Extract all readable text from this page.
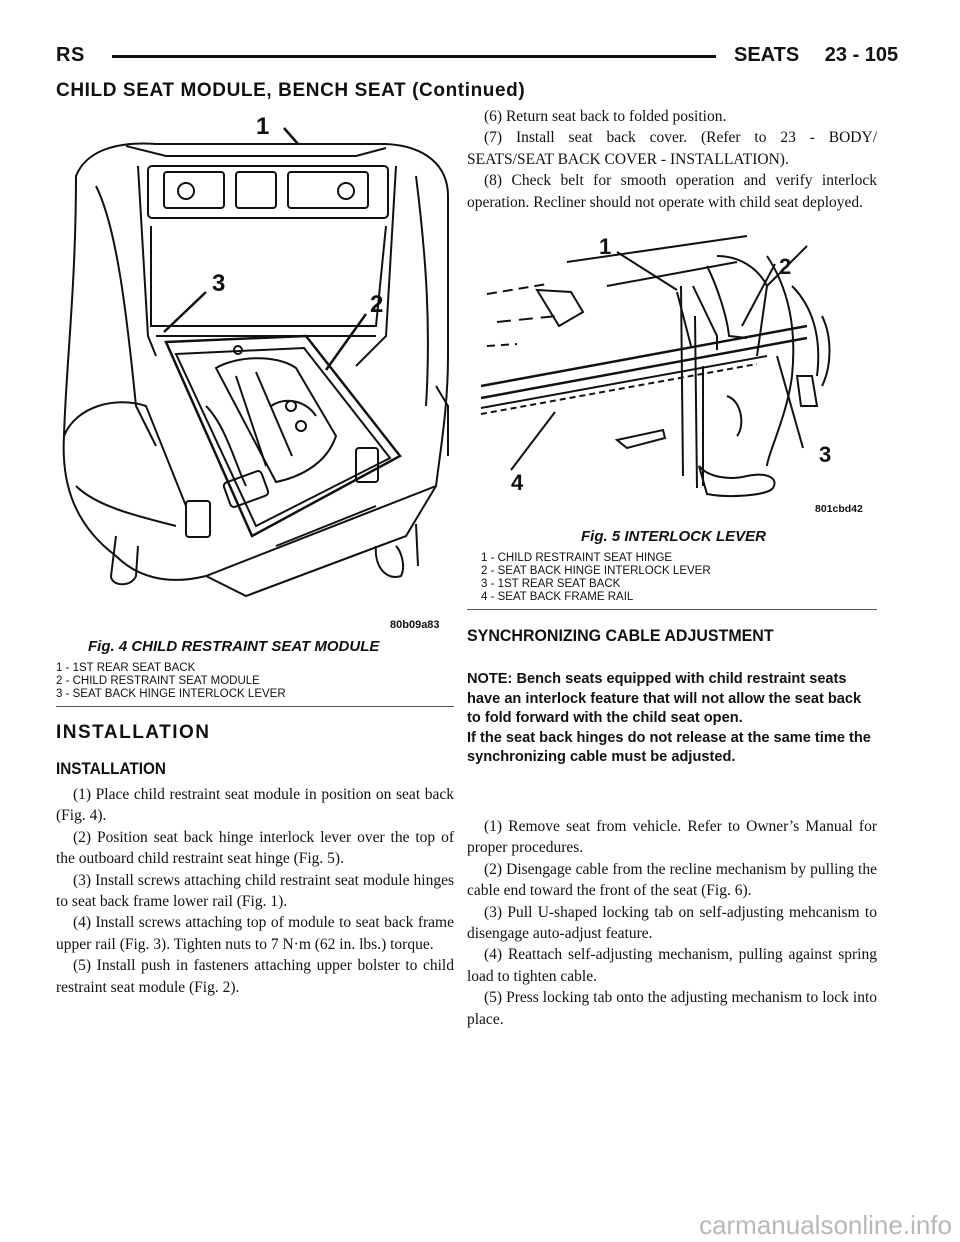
RS	SEATS 23 - 105
CHILD SEAT MODULE, BENCH SEAT (Continued)
1
3
2
80b09a83
Fig. 4 CHILD RESTRAINT SEAT MODULE
1 - 1ST REAR SEAT BACK
2 - CHILD RESTRAINT SEAT MODULE
3 - SEAT BACK HINGE INTERLOCK LEVER
INSTALLATION
INSTALLATION

(1) Place child restraint seat module in position on seat back (Fig. 4).

(2) Position seat back hinge interlock lever over the top of the outboard child restraint seat hinge (Fig. 5).

(3) Install screws attaching child restraint seat module hinges to seat back frame lower rail (Fig. 1).

(4) Install screws attaching top of module to seat back frame upper rail (Fig. 3). Tighten nuts to 7 N·m (62 in. lbs.) torque.

(5) Install push in fasteners attaching upper bolster to child restraint seat module (Fig. 2).

(6) Return seat back to folded position.

(7) Install seat back cover. (Refer to 23 - BODY/ SEATS/SEAT BACK COVER - INSTALLATION).

(8) Check belt for smooth operation and verify interlock operation. Recliner should not operate with child seat deployed.

1
2
3
4
801cbd42
Fig. 5 INTERLOCK LEVER
1 - CHILD RESTRAINT SEAT HINGE
2 - SEAT BACK HINGE INTERLOCK LEVER
3 - 1ST REAR SEAT BACK
4 - SEAT BACK FRAME RAIL
SYNCHRONIZING CABLE ADJUSTMENT

NOTE: Bench seats equipped with child restraint seats have an interlock feature that will not allow the seat back to fold forward with the child seat open.

If the seat back hinges do not release at the same time the synchronizing cable must be adjusted.

(1) Remove seat from vehicle. Refer to Owner’s Manual for proper procedures.

(2) Disengage cable from the recline mechanism by pulling the cable end toward the front of the seat (Fig. 6).

(3) Pull U-shaped locking tab on self-adjusting mehcanism to disengage auto-adjust feature.

(4) Reattach self-adjusting mechanism, pulling against spring load to tighten cable.

(5) Press locking tab onto the adjusting mechanism to lock into place.

carmanualsonline.info
